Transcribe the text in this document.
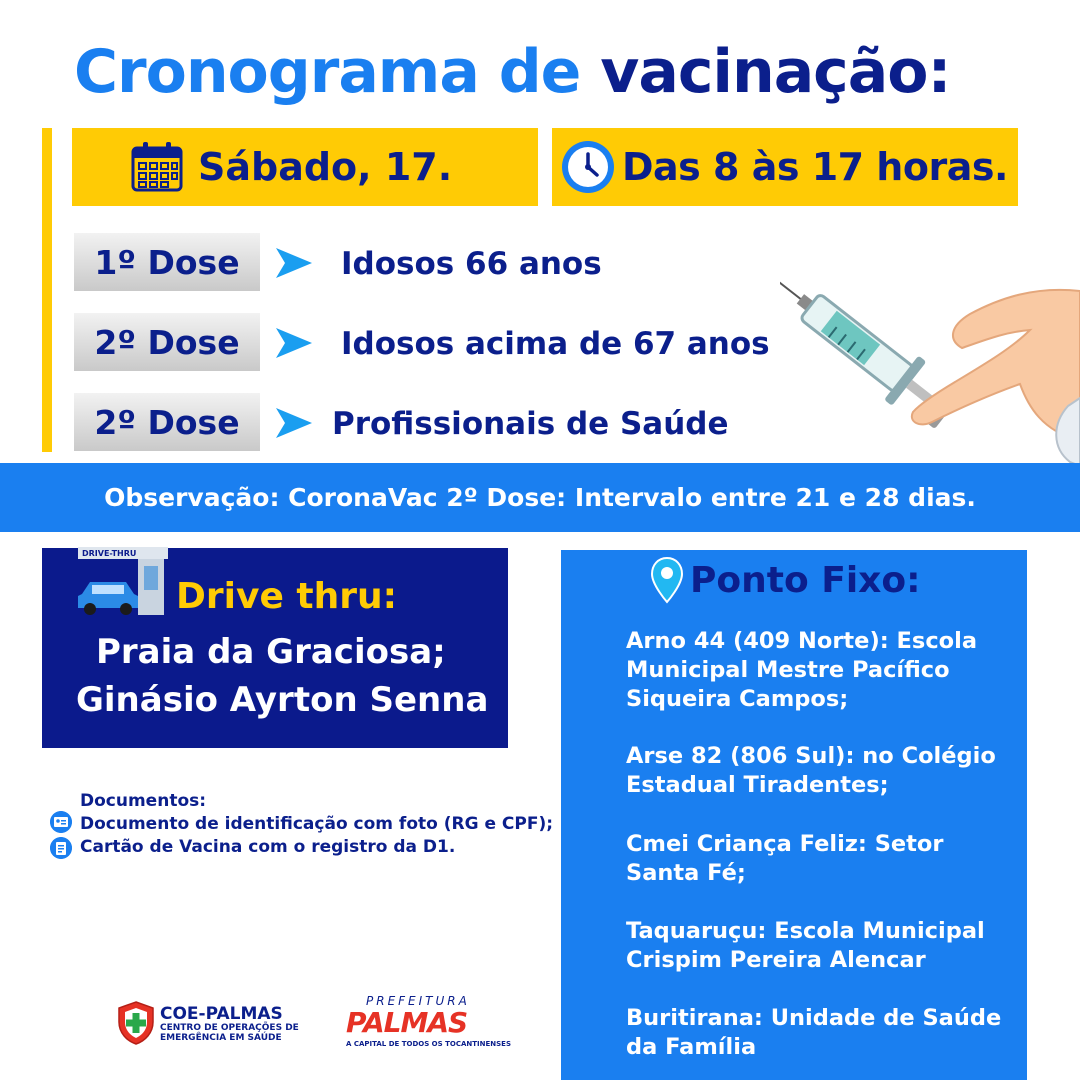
Cronograma de vacinação:
Sábado, 17.	Das 8 às 17 horas.
1º Dose	Idosos 66 anos
2º Dose	Idosos acima de 67 anos
2º Dose	Profissionais de Saúde
Observação: CoronaVac 2º Dose: Intervalo entre 21 e 28 dias.
DRIVE-THRU
Drive thru:
Praia da Graciosa;
Ginásio Ayrton Senna
Documentos:
Documento de identificação com foto (RG e CPF);
Cartão de Vacina com o registro da D1.
Ponto Fixo:
Arno 44 (409 Norte): Escola Municipal Mestre Pacífico Siqueira Campos;
Arse 82 (806 Sul): no Colégio Estadual Tiradentes;
Cmei Criança Feliz: Setor Santa Fé;
Taquaruçu: Escola Municipal Crispim Pereira Alencar
Buritirana: Unidade de Saúde da Família
COE-PALMAS
CENTRO DE OPERAÇÕES DE
EMERGÊNCIA EM SAÚDE
PREFEITURA
PALMAS
A CAPITAL DE TODOS OS TOCANTINENSES
